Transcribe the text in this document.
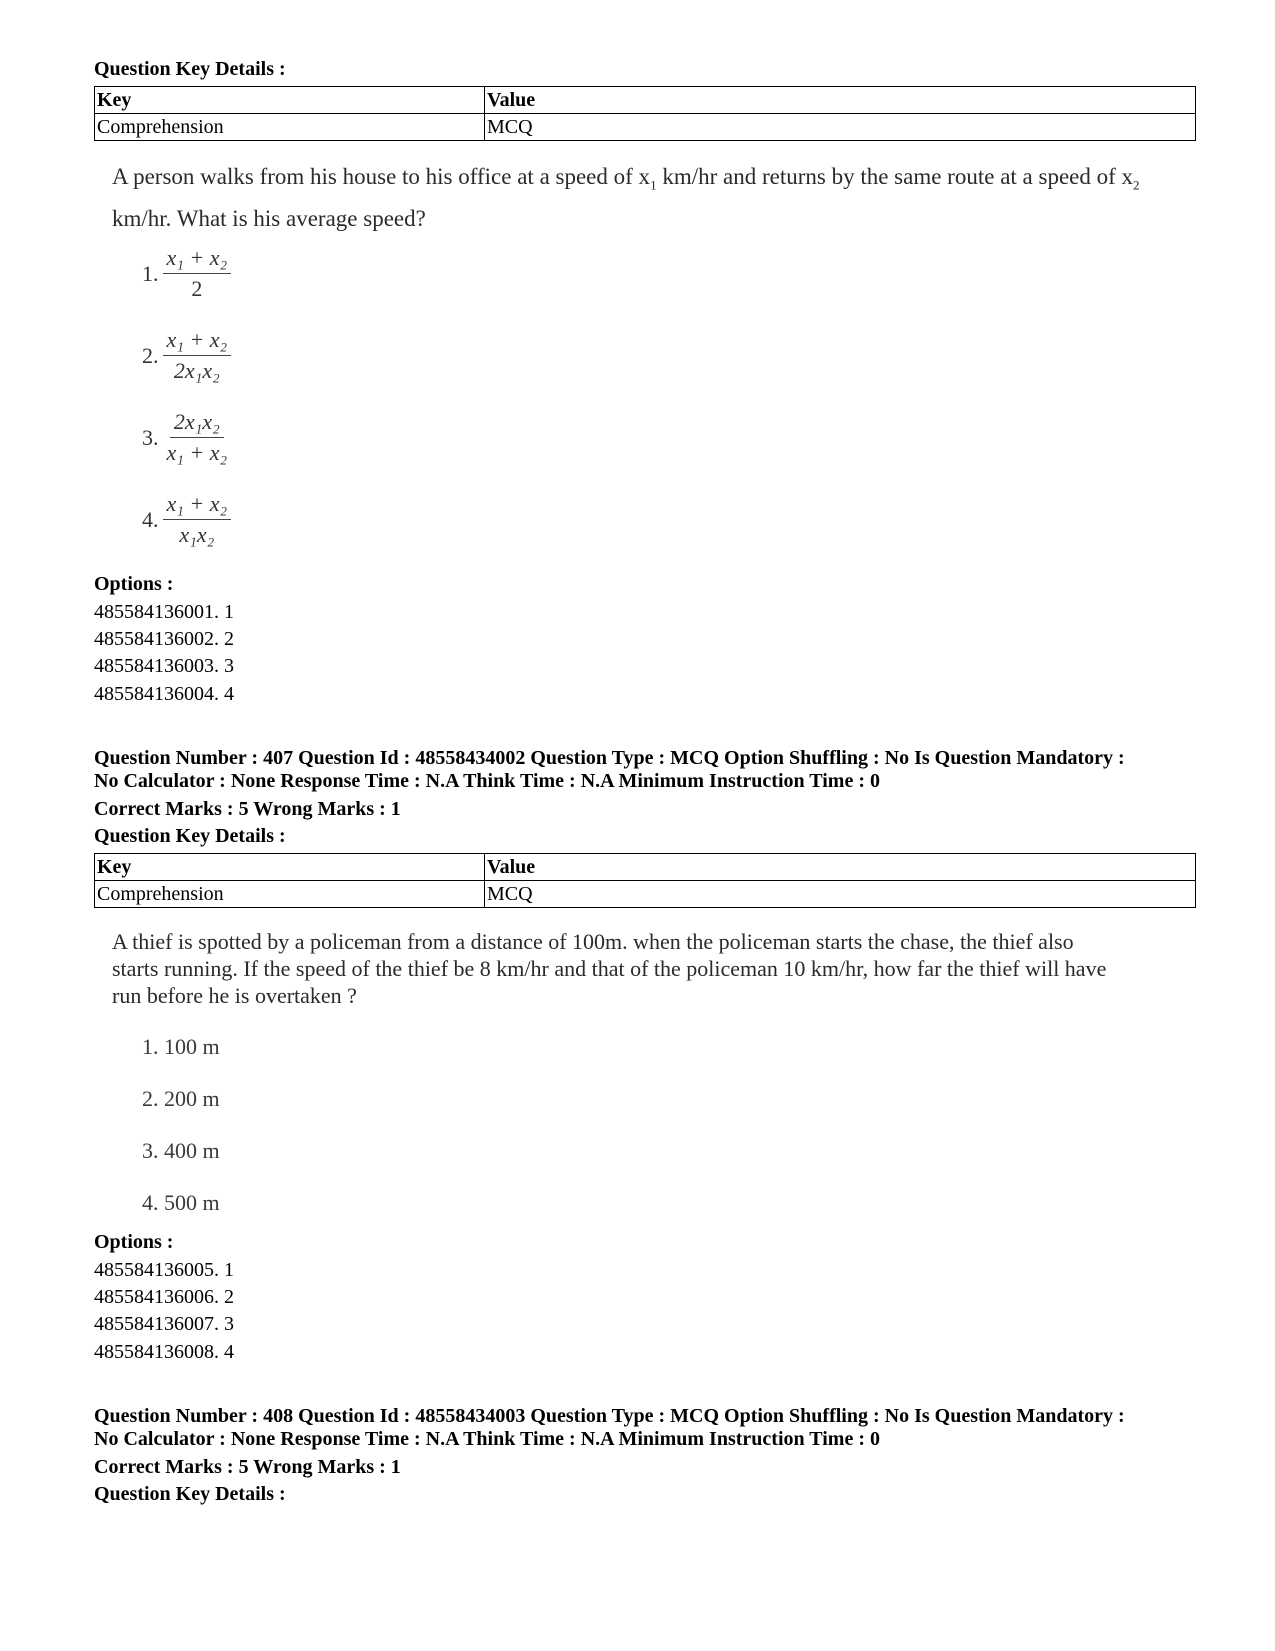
Question Key Details :
Key	Value
Comprehension	MCQ
A person walks from his house to his office at a speed of $x_1$ km/hr and returns by the same route at a speed of $x_2$ km/hr. What is his average speed?
1. $\frac{\text{x₁ + x₂}}{2}$
2. $\frac{\text{x₁ + x₂}}{\text{2x₁x₂}}$
3. $\frac{\text{2x₁x₂}}{\text{x₁ + x₂}}$
4. $\frac{\text{x₁ + x₂}}{\text{x₁x₂}}$
Options :
485584136001. 1
485584136002. 2
485584136003. 3
485584136004. 4
Question Number : 407 Question Id : 48558434002 Question Type : MCQ Option Shuffling : No Is Question Mandatory :
No Calculator : None Response Time : N.A Think Time : N.A Minimum Instruction Time : 0
Correct Marks : 5 Wrong Marks : 1
Question Key Details :
Key	Value
Comprehension	MCQ
A thief is spotted by a policeman from a distance of 100m. when the policeman starts the chase, the thief also starts running. If the speed of the thief be 8 km/hr and that of the policeman 10 km/hr, how far the thief will have run before he is overtaken ?
1. 100 m
2. 200 m
3. 400 m
4. 500 m
Options :
485584136005. 1
485584136006. 2
485584136007. 3
485584136008. 4
Question Number : 408 Question Id : 48558434003 Question Type : MCQ Option Shuffling : No Is Question Mandatory :
No Calculator : None Response Time : N.A Think Time : N.A Minimum Instruction Time : 0
Correct Marks : 5 Wrong Marks : 1
Question Key Details :
